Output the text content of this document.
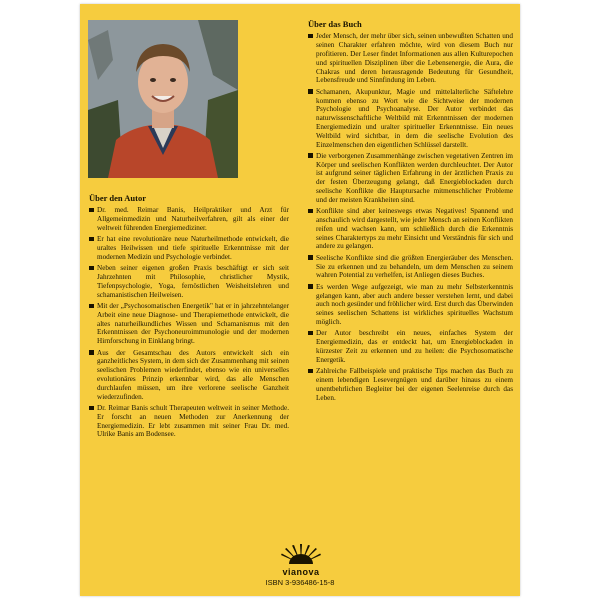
Über den Autor
Dr. med. Reimar Banis, Heilpraktiker und Arzt für Allgemeinmedizin und Naturheilverfahren, gilt als einer der weltweit führenden Energiemediziner.
Er hat eine revolutionäre neue Naturheilmethode entwickelt, die uraltes Heilwissen und tiefe spirituelle Erkenntnisse mit der modernen Medizin und Psychologie verbindet.
Neben seiner eigenen großen Praxis beschäftigt er sich seit Jahrzehnten mit Philosophie, christlicher Mystik, Tiefenpsychologie, Yoga, fernöstlichen Weisheitslehren und schamanistischen Heilweisen.
Mit der „Psychosomatischen Energetik" hat er in jahrzehntelanger Arbeit eine neue Diagnose- und Therapiemethode entwickelt, die altes naturheilkundliches Wissen und Schamanismus mit den Erkenntnissen der Psychoneuroimmunologie und der modernen Hirnforschung in Einklang bringt.
Aus der Gesamtschau des Autors entwickelt sich ein ganzheitliches System, in dem sich der Zusammenhang mit seinen seelischen Problemen wiederfindet, ebenso wie ein universelles evolutionäres Prinzip erkennbar wird, das alle Menschen durchlaufen müssen, um ihre verlorene seelische Ganzheit wiederzufinden.
Dr. Reimar Banis schult Therapeuten weltweit in seiner Methode. Er forscht an neuen Methoden zur Anerkennung der Energiemedizin. Er lebt zusammen mit seiner Frau Dr. med. Ulrike Banis am Bodensee.
Über das Buch
Jeder Mensch, der mehr über sich, seinen unbewußten Schatten und seinen Charakter erfahren möchte, wird von diesem Buch nur profitieren. Der Leser findet Informationen aus allen Kulturepochen und spirituellen Disziplinen über die Lebensenergie, die Aura, die Chakras und deren herausragende Bedeutung für Gesundheit, Lebensfreude und Sinnfindung im Leben.
Schamanen, Akupunktur, Magie und mittelalterliche Säftelehre kommen ebenso zu Wort wie die Sichtweise der modernen Psychologie und Psychoanalyse. Der Autor verbindet das naturwissenschaftliche Weltbild mit Erkenntnissen der modernen Energiemedizin und uralter spiritueller Erkenntnisse. Ein neues Weltbild wird sichtbar, in dem die seelische Evolution des Einzelmenschen den eigentlichen Schlüssel darstellt.
Die verborgenen Zusammenhänge zwischen vegetativen Zentren im Körper und seelischen Konflikten werden durchleuchtet. Der Autor ist aufgrund seiner täglichen Erfahrung in der ärztlichen Praxis zu der festen Überzeugung gelangt, daß Energieblockaden durch seelische Konflikte die Hauptursache mitmenschlicher Probleme und der meisten Krankheiten sind.
Konflikte sind aber keineswegs etwas Negatives! Spannend und anschaulich wird dargestellt, wie jeder Mensch an seinen Konflikten reifen und wachsen kann, um schließlich durch die Erkenntnis seines Charaktertyps zu mehr Einsicht und Verständnis für sich und andere zu gelangen.
Seelische Konflikte sind die größten Energieräuber des Menschen. Sie zu erkennen und zu behandeln, um dem Menschen zu seinem wahren Potential zu verhelfen, ist Anliegen dieses Buches.
Es werden Wege aufgezeigt, wie man zu mehr Selbsterkenntnis gelangen kann, aber auch andere besser verstehen lernt, und dabei auch noch gesünder und fröhlicher wird. Erst durch das Überwinden seines seelischen Schattens ist wirkliches spirituelles Wachstum möglich.
Der Autor beschreibt ein neues, einfaches System der Energiemedizin, das er entdeckt hat, um Energieblockaden in kürzester Zeit zu erkennen und zu heilen: die Psychosomatische Energetik.
Zahlreiche Fallbeispiele und praktische Tips machen das Buch zu einem lebendigen Lesevergnügen und darüber hinaus zu einem unentbehrlichen Begleiter bei der eigenen Seelenreise durch das Leben.
vianova
ISBN 3-936486-15-8
